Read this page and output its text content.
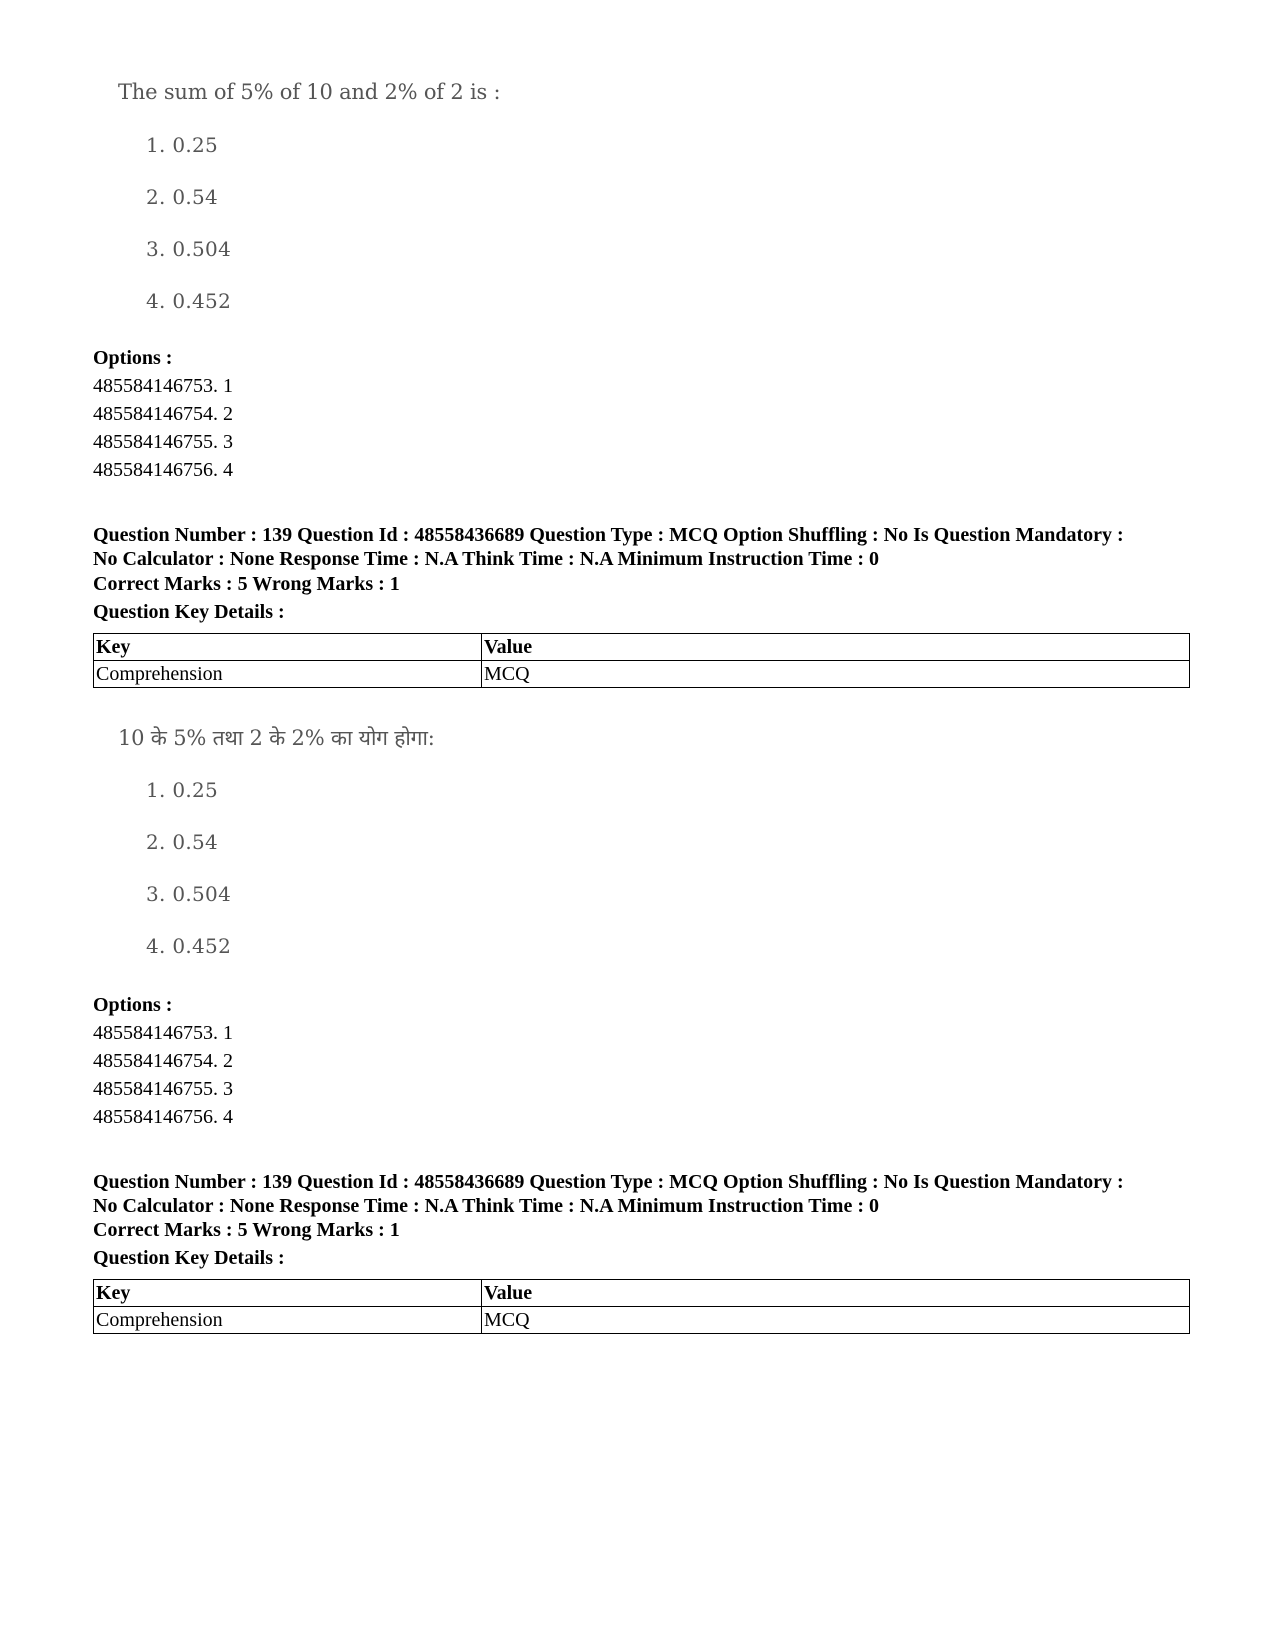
The sum of 5% of 10 and 2% of 2 is :
1. 0.25
2. 0.54
3. 0.504
4. 0.452
Options :
485584146753. 1
485584146754. 2
485584146755. 3
485584146756. 4
Question Number : 139 Question Id : 48558436689 Question Type : MCQ Option Shuffling : No Is Question Mandatory :
No Calculator : None Response Time : N.A Think Time : N.A Minimum Instruction Time : 0
Correct Marks : 5 Wrong Marks : 1
Question Key Details :
Key	Value
Comprehension	MCQ
10 के 5% तथा 2 के 2% का योग होगा:
1. 0.25
2. 0.54
3. 0.504
4. 0.452
Options :
485584146753. 1
485584146754. 2
485584146755. 3
485584146756. 4
Question Number : 139 Question Id : 48558436689 Question Type : MCQ Option Shuffling : No Is Question Mandatory :
No Calculator : None Response Time : N.A Think Time : N.A Minimum Instruction Time : 0
Correct Marks : 5 Wrong Marks : 1
Question Key Details :
Key	Value
Comprehension	MCQ
